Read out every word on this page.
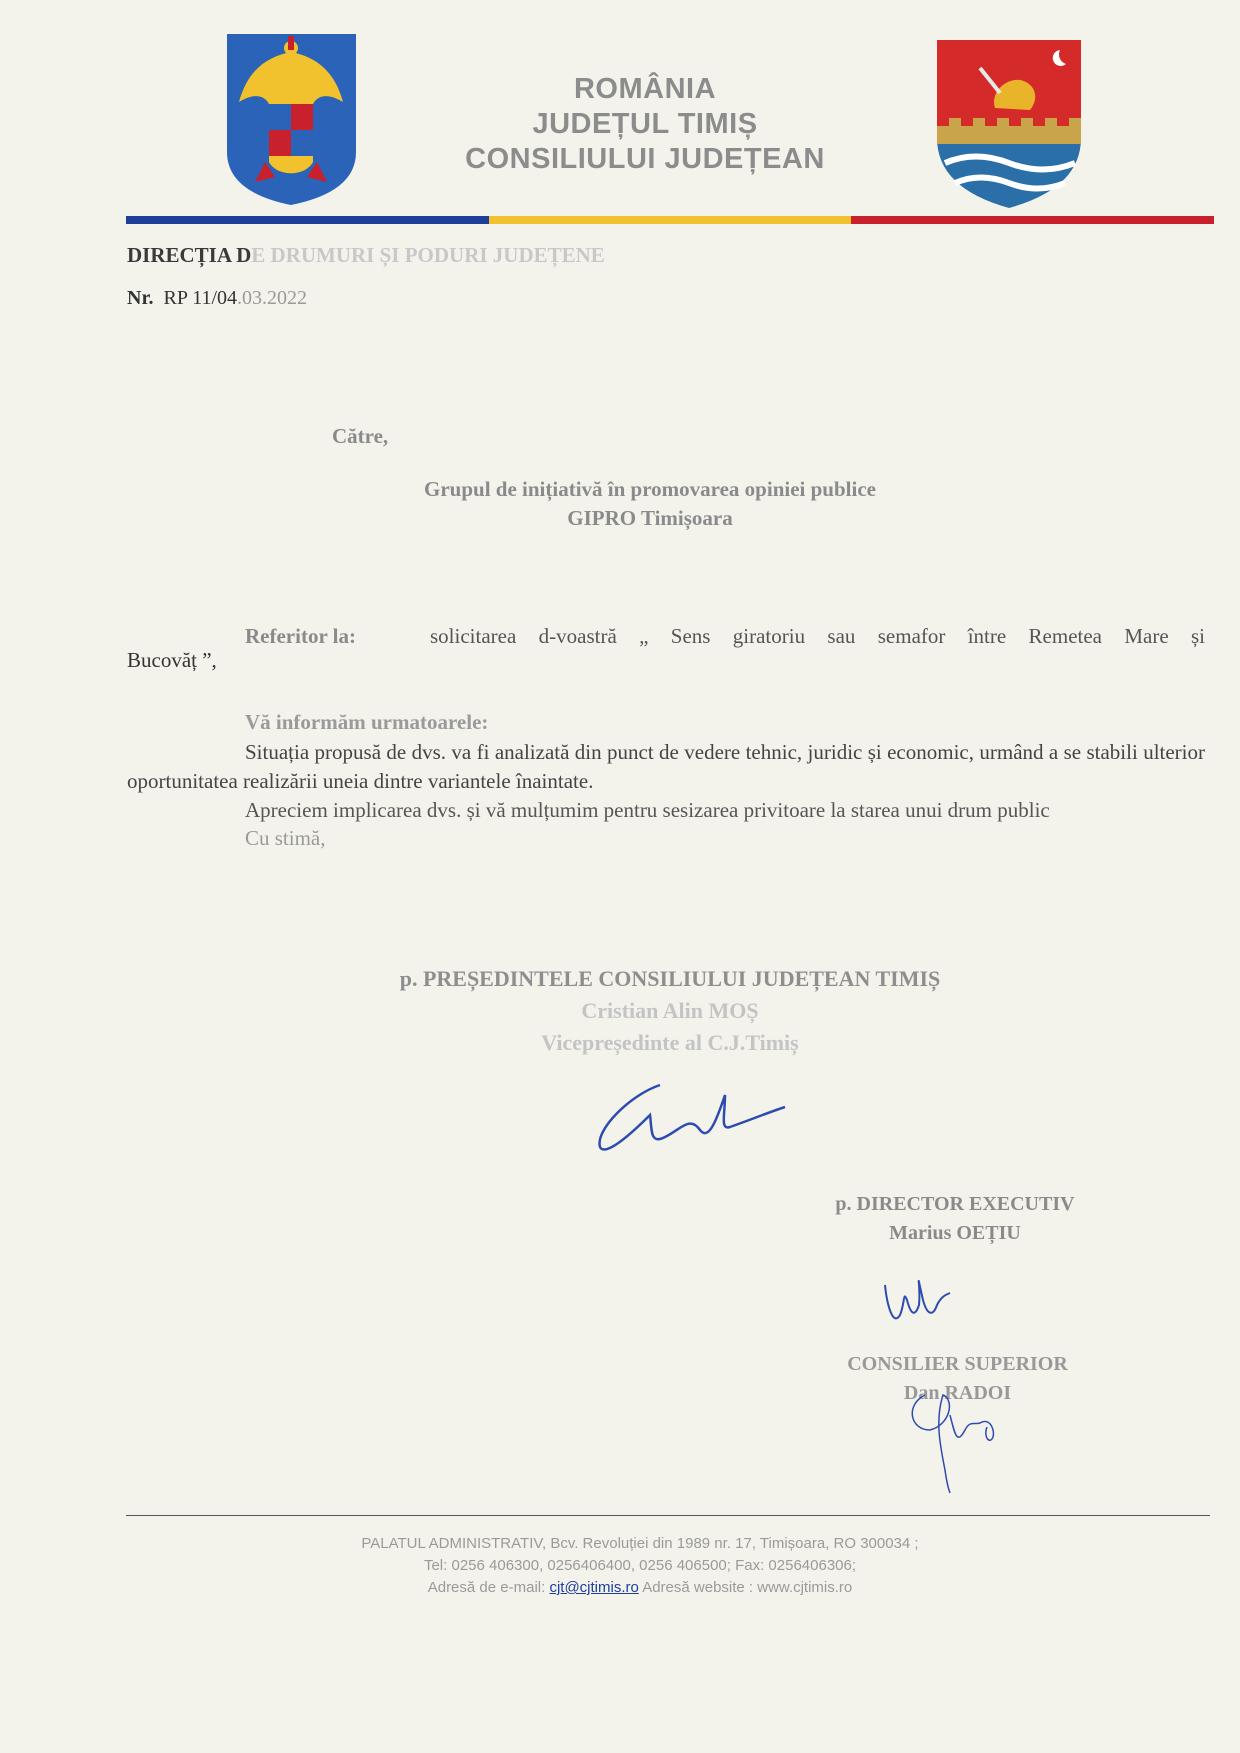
ROMÂNIA
JUDEȚUL TIMIȘ
CONSILIULUI JUDEȚEAN
DIRECȚIA DE DRUMURI ȘI PODURI JUDEȚENE
Nr. RP 11/04.03.2022
Către,
Grupul de inițiativă în promovarea opiniei publice
GIPRO Timișoara
Referitor la:	solicitarea d-voastră „ Sens giratoriu sau semafor între Remetea Mare și
Bucovăț ”,
Vă informăm urmatoarele:
Situația propusă de dvs. va fi analizată din punct de vedere tehnic, juridic și economic, urmând a se stabili ulterior oportunitatea realizării uneia dintre variantele înaintate.
Apreciem implicarea dvs. și vă mulțumim pentru sesizarea privitoare la starea unui drum public
Cu stimă,
p. PREȘEDINTELE CONSILIULUI JUDEȚEAN TIMIȘ
Cristian Alin MOȘ
Vicepreședinte al C.J.Timiș
p. DIRECTOR EXECUTIV
Marius OEȚIU
CONSILIER SUPERIOR
Dan RADOI
PALATUL ADMINISTRATIV, Bcv. Revoluției din 1989 nr. 17, Timișoara, RO 300034 ;
Tel: 0256 406300, 0256406400, 0256 406500; Fax: 0256406306;
Adresă de e-mail: cjt@cjtimis.ro Adresă website : www.cjtimis.ro
